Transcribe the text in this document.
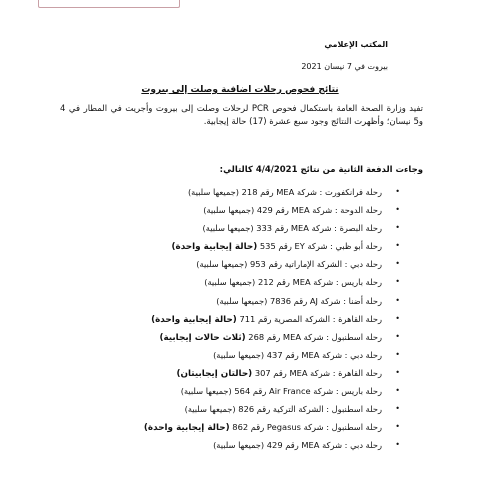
المكتب الإعلامي
بيروت في 7 نيسان 2021
نتائج فحوص رحلات اضافية وصلت إلى بيروت
تفيد وزارة الصحة العامة باستكمال فحوص PCR لرحلات وصلت إلى بيروت وأجريت في المطار في 4 و5 نيسان؛ وأظهرت النتائج وجود سبع عشرة (17) حالة إيجابية.
وجاءت الدفعة الثانية من نتائج 4/4/2021 كالتالي:
•
رحلة فرانكفورت : شركة MEA رقم 218 (جميعها سلبية)
•
رحلة الدوحة : شركة MEA رقم 429 (جميعها سلبية)
•
رحلة البصرة : شركة MEA رقم 333 (جميعها سلبية)
•
رحلة أبو ظبي : شركة EY رقم 535 (حالة إيجابية واحدة)
•
رحلة دبي : الشركة الإماراتية رقم 953 (جميعها سلبية)
•
رحلة باريس : شركة MEA رقم 212 (جميعها سلبية)
•
رحلة أضنا : شركة AJ رقم 7836 (جميعها سلبية)
•
رحلة القاهرة : الشركة المصرية رقم 711 (حالة إيجابية واحدة)
•
رحلة اسطنبول : شركة MEA رقم 268 (ثلاث حالات إيجابية)
•
رحلة دبي : شركة MEA رقم 437 (جميعها سلبية)
•
رحلة القاهرة : شركة MEA رقم 307 (حالتان إيجابيتان)
•
رحلة باريس : شركة Air France رقم 564 (جميعها سلبية)
•
رحلة اسطنبول : الشركة التركية رقم 826 (جميعها سلبية)
•
رحلة اسطنبول : شركة Pegasus رقم 862 (حالة إيجابية واحدة)
•
رحلة دبي : شركة MEA رقم 429 (جميعها سلبية)
